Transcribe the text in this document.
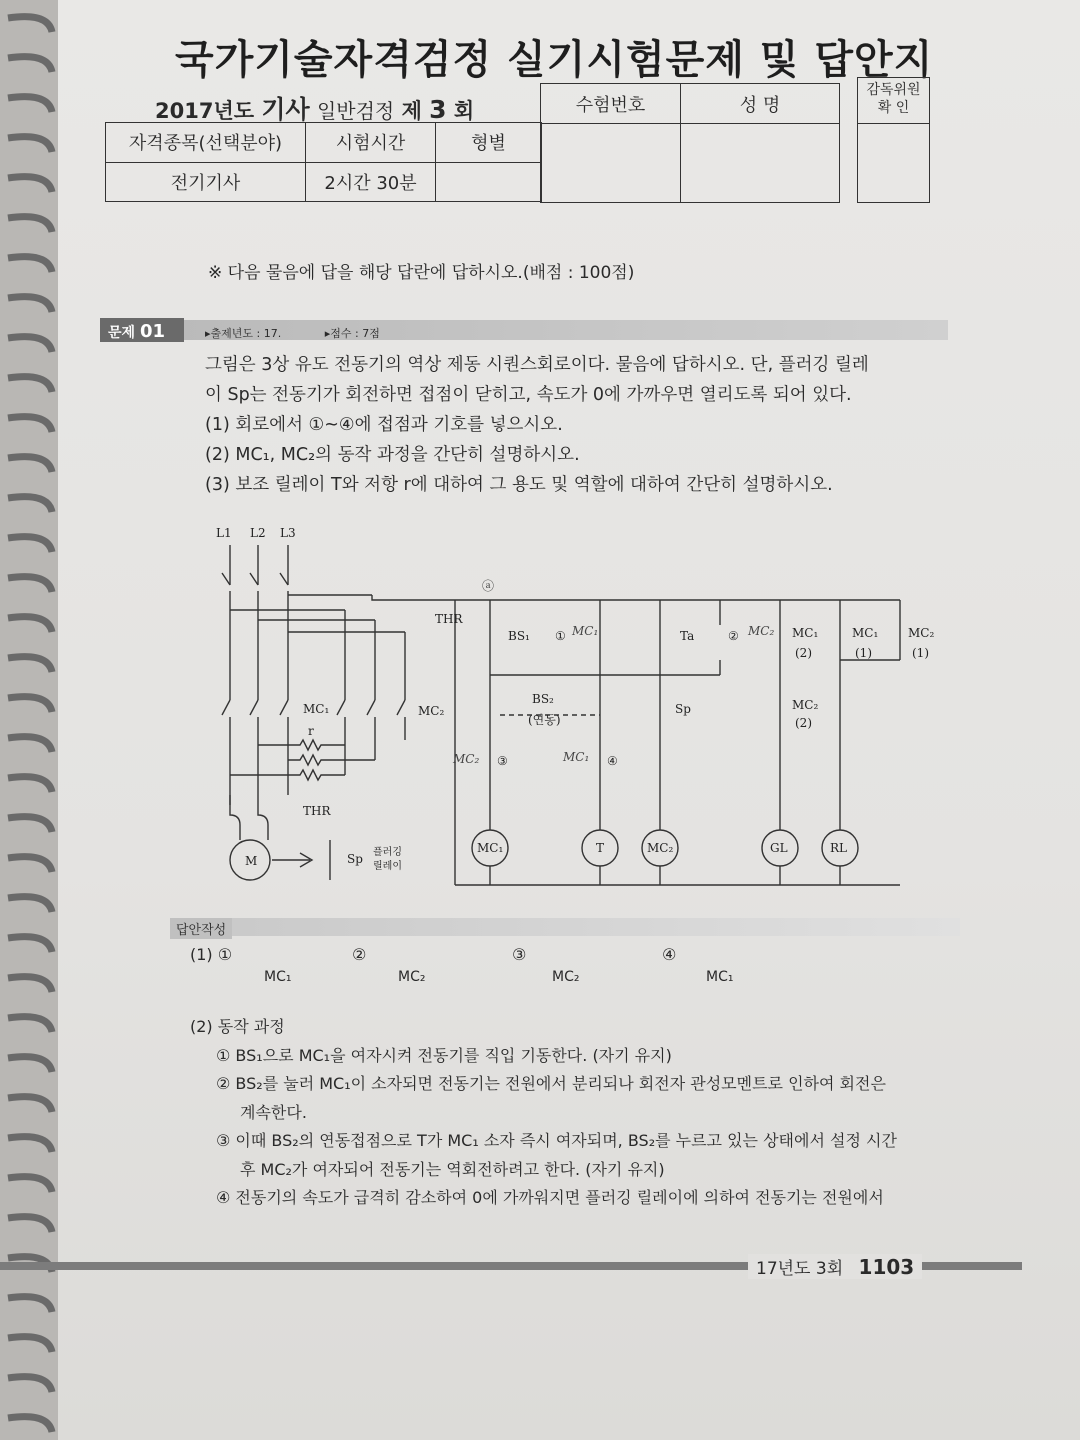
국가기술자격검정 실기시험문제 및 답안지
2017년도 기사 일반검정 제 3 회	수험번호	성 명

자격종목(선택분야)	시험시간	형별
전기기사	2시간 30분	
감독위원
확 인
※ 다음 물음에 답을 해당 답란에 답하시오.(배점 : 100점)
문제 01	▸출제년도 : 17.	▸점수 : 7점
그림은 3상 유도 전동기의 역상 제동 시퀀스회로이다. 물음에 답하시오. 단, 플러깅 릴레
이 Sp는 전동기가 회전하면 접점이 닫히고, 속도가 0에 가까우면 열리도록 되어 있다.
(1) 회로에서 ①~④에 접점과 기호를 넣으시오.
(2) MC₁, MC₂의 동작 과정을 간단히 설명하시오.
(3) 보조 릴레이 T와 저항 r에 대하여 그 용도 및 역할에 대하여 간단히 설명하시오.
L1 L2 L3
ⓐ
THR
BS₁ ① MC₁	Ta	② MC₂ MC₁
(2)
MC₁
(1)
MC₂
(1)
BS₂
(연동)
Sp	MC₂
(2)
MC₂ ③	MC₁ ④
MC₁	T	MC₂	GL	RL
MC₁	MC₂
r
THR
M	Sp 플러깅
릴레이
답안작성
(1) ①
MC₁
②
MC₂
③
MC₂
④
MC₁
(2) 동작 과정
① BS₁으로 MC₁을 여자시켜 전동기를 직입 기동한다. (자기 유지)
② BS₂를 눌러 MC₁이 소자되면 전동기는 전원에서 분리되나 회전자 관성모멘트로 인하여 회전은
계속한다.
③ 이때 BS₂의 연동접점으로 T가 MC₁ 소자 즉시 여자되며, BS₂를 누르고 있는 상태에서 설정 시간
후 MC₂가 여자되어 전동기는 역회전하려고 한다. (자기 유지)
④ 전동기의 속도가 급격히 감소하여 0에 가까워지면 플러깅 릴레이에 의하여 전동기는 전원에서
17년도 3회 1103
